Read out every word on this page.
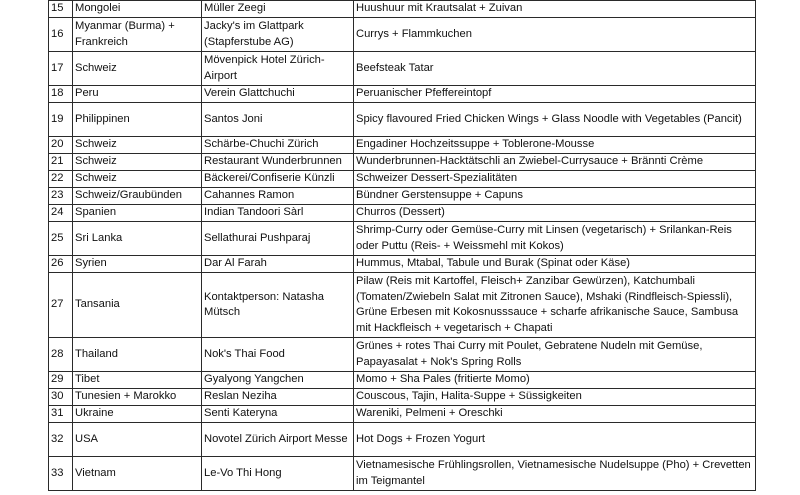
15	Mongolei	Müller Zeegi	Huushuur mit Krautsalat + Zuivan
16	Myanmar (Burma) + Frankreich	Jacky's im Glattpark (Stapferstube AG)	Currys + Flammkuchen
17	Schweiz	Mövenpick Hotel Zürich-Airport	Beefsteak Tatar
18	Peru	Verein Glattchuchi	Peruanischer Pfeffereintopf
19	Philippinen	Santos Joni	Spicy flavoured Fried Chicken Wings + Glass Noodle with Vegetables (Pancit)
20	Schweiz	Schärbe-Chuchi Zürich	Engadiner Hochzeitssuppe + Toblerone-Mousse
21	Schweiz	Restaurant Wunderbrunnen	Wunderbrunnen-Hacktätschli an Zwiebel-Currysauce + Brännti Crème
22	Schweiz	Bäckerei/Confiserie Künzli	Schweizer Dessert-Spezialitäten
23	Schweiz/Graubünden	Cahannes Ramon	Bündner Gerstensuppe + Capuns
24	Spanien	Indian Tandoori Sàrl	Churros (Dessert)
25	Sri Lanka	Sellathurai Pushparaj	Shrimp-Curry oder Gemüse-Curry mit Linsen (vegetarisch) + Srilankan-Reis oder Puttu (Reis- + Weissmehl mit Kokos)
26	Syrien	Dar Al Farah	Hummus, Mtabal, Tabule und Burak (Spinat oder Käse)
27	Tansania	Kontaktperson: Natasha Mütsch	Pilaw (Reis mit Kartoffel, Fleisch+ Zanzibar Gewürzen), Katchumbali (Tomaten/Zwiebeln Salat mit Zitronen Sauce), Mshaki (Rindfleisch-Spiessli), Grüne Erbesen mit Kokosnusssauce + scharfe afrikanische Sauce, Sambusa mit Hackfleisch + vegetarisch + Chapati
28	Thailand	Nok's Thai Food	Grünes + rotes Thai Curry mit Poulet, Gebratene Nudeln mit Gemüse, Papayasalat + Nok's Spring Rolls
29	Tibet	Gyalyong Yangchen	Momo + Sha Pales (fritierte Momo)
30	Tunesien + Marokko	Reslan Neziha	Couscous, Tajin, Halita-Suppe + Süssigkeiten
31	Ukraine	Senti Kateryna	Wareniki, Pelmeni + Oreschki
32	USA	Novotel Zürich Airport Messe	Hot Dogs + Frozen Yogurt
33	Vietnam	Le-Vo Thi Hong	Vietnamesische Frühlingsrollen, Vietnamesische Nudelsuppe (Pho) + Crevetten im Teigmantel
